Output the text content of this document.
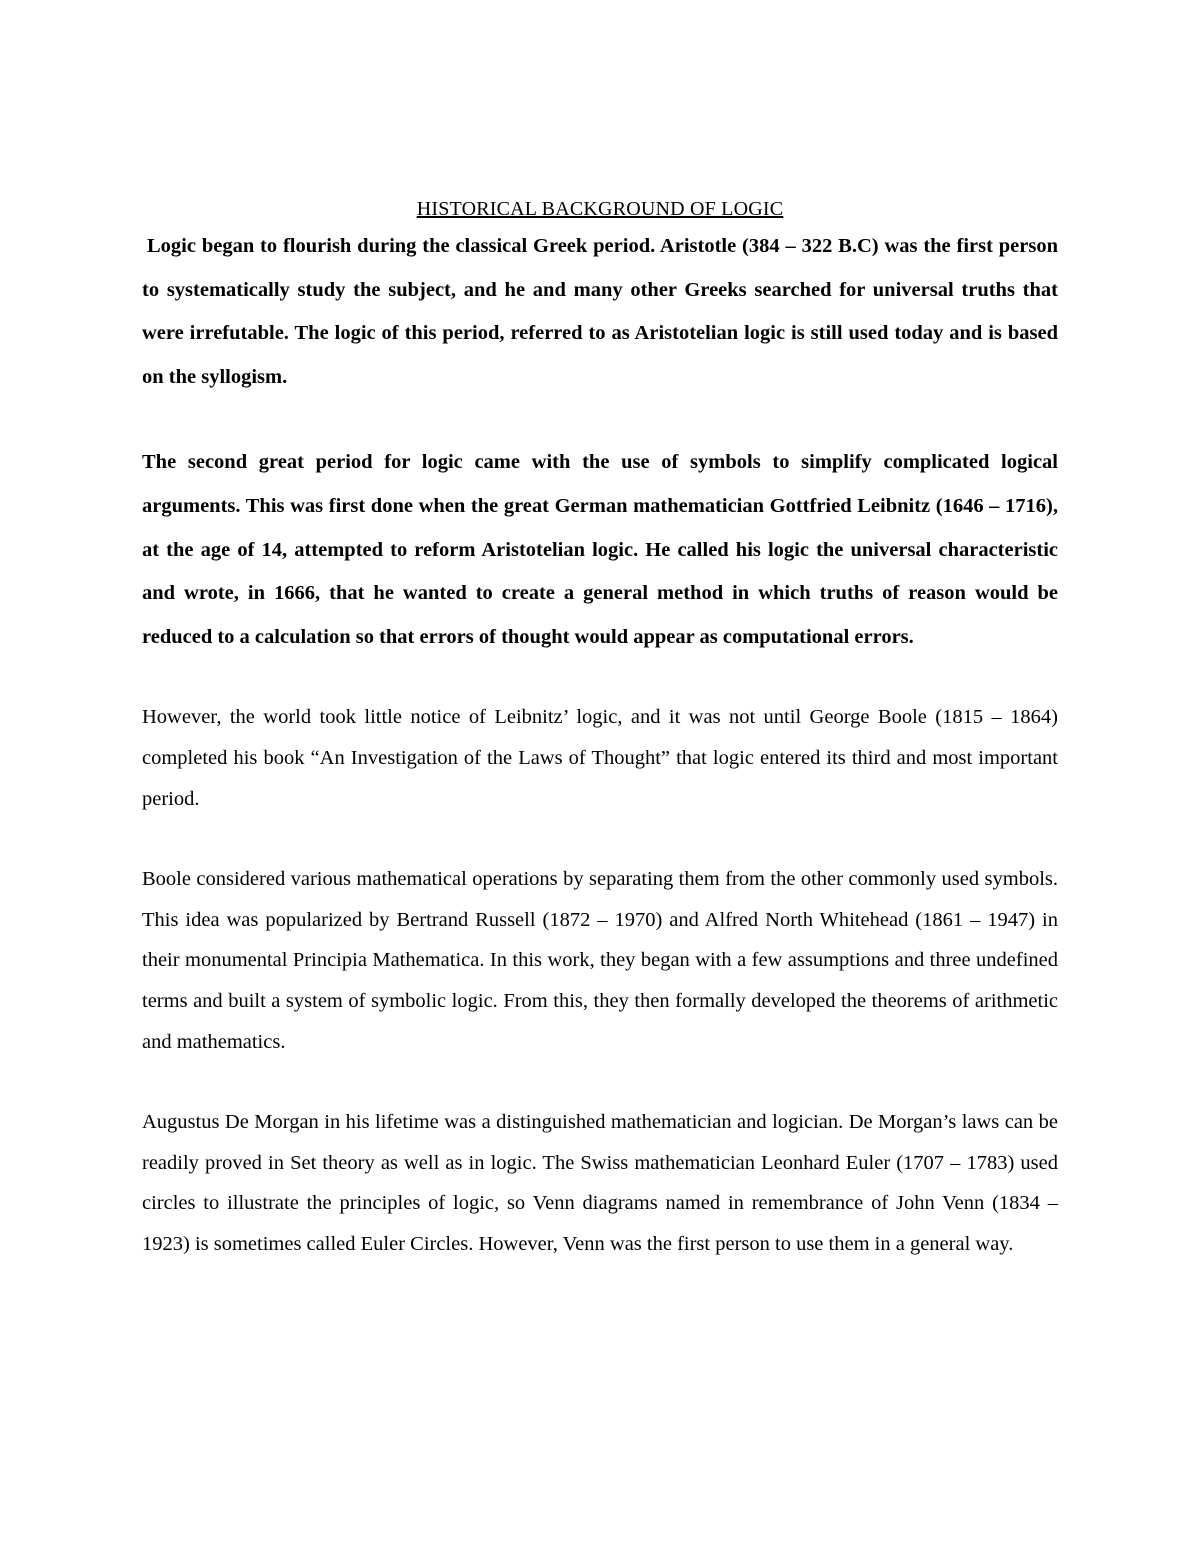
HISTORICAL BACKGROUND OF LOGIC

Logic began to flourish during the classical Greek period. Aristotle (384 – 322 B.C) was the first person to systematically study the subject, and he and many other Greeks searched for universal truths that were irrefutable. The logic of this period, referred to as Aristotelian logic is still used today and is based on the syllogism.

The second great period for logic came with the use of symbols to simplify complicated logical arguments. This was first done when the great German mathematician Gottfried Leibnitz (1646 – 1716), at the age of 14, attempted to reform Aristotelian logic. He called his logic the universal characteristic and wrote, in 1666, that he wanted to create a general method in which truths of reason would be reduced to a calculation so that errors of thought would appear as computational errors.

However, the world took little notice of Leibnitz’ logic, and it was not until George Boole (1815 – 1864) completed his book “An Investigation of the Laws of Thought” that logic entered its third and most important period.

Boole considered various mathematical operations by separating them from the other commonly used symbols. This idea was popularized by Bertrand Russell (1872 – 1970) and Alfred North Whitehead (1861 – 1947) in their monumental Principia Mathematica. In this work, they began with a few assumptions and three undefined terms and built a system of symbolic logic. From this, they then formally developed the theorems of arithmetic and mathematics.

Augustus De Morgan in his lifetime was a distinguished mathematician and logician. De Morgan’s laws can be readily proved in Set theory as well as in logic. The Swiss mathematician Leonhard Euler (1707 – 1783) used circles to illustrate the principles of logic, so Venn diagrams named in remembrance of John Venn (1834 – 1923) is sometimes called Euler Circles. However, Venn was the first person to use them in a general way.
